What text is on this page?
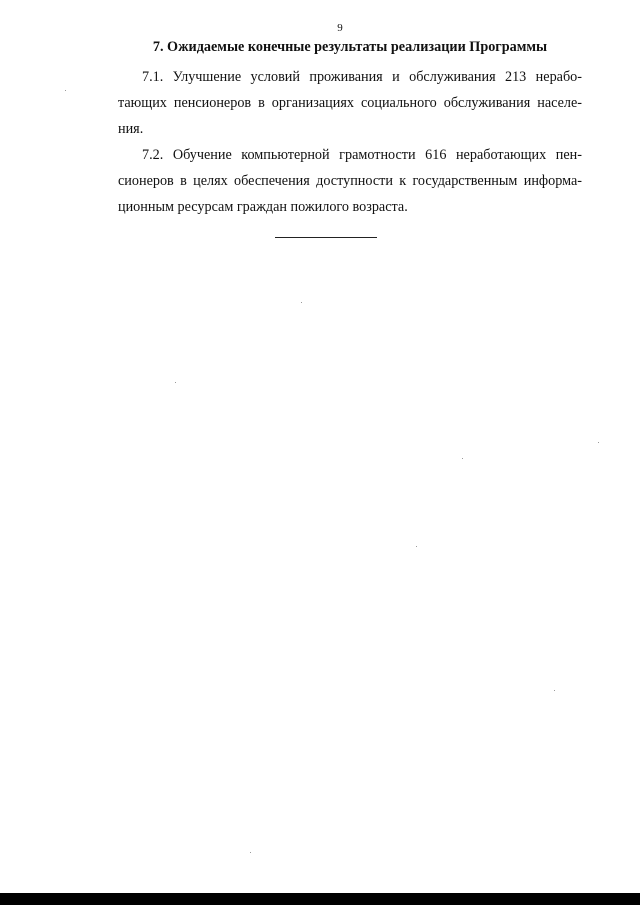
9
7. Ожидаемые конечные результаты реализации Программы
7.1. Улучшение условий проживания и обслуживания 213 нерабо-
тающих пенсионеров в организациях социального обслуживания населе-
ния.
7.2. Обучение компьютерной грамотности 616 неработающих пен-
сионеров в целях обеспечения доступности к государственным информа-
ционным ресурсам граждан пожилого возраста.
